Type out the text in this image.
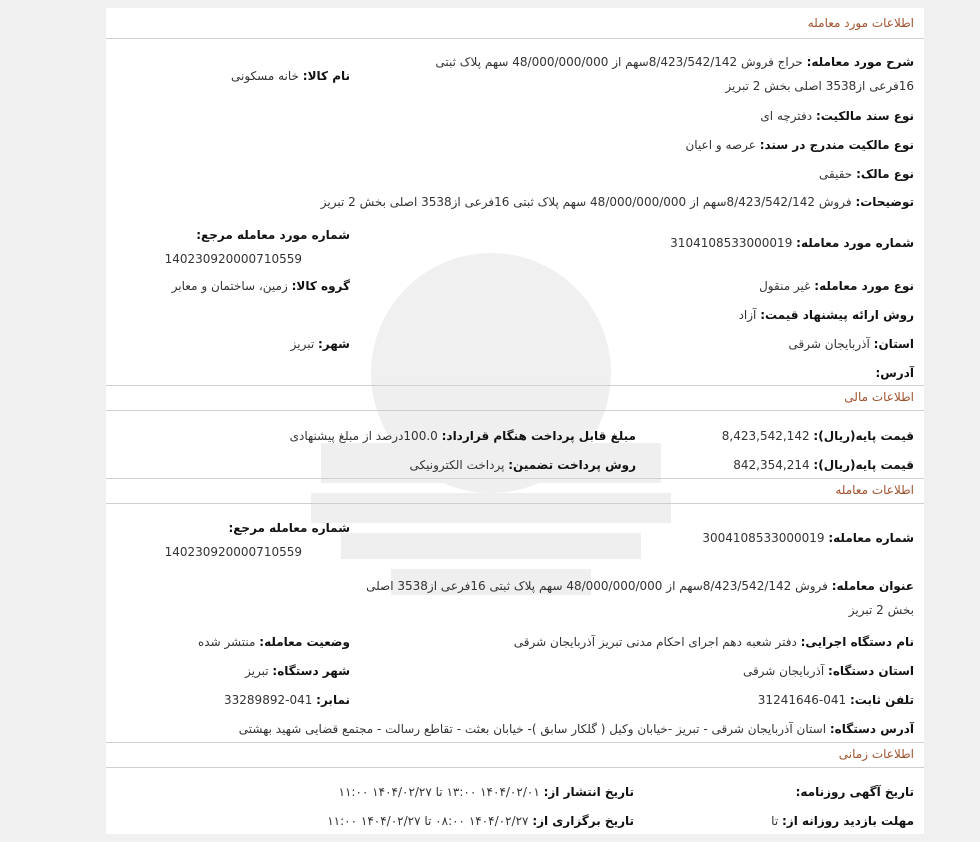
اطلاعات مورد معامله
شرح مورد معامله: حراج فروش 8/423/542/142سهم از 48/000/000/000 سهم پلاک ثبتی 16فرعی از3538 اصلی بخش 2 تبریز
نام کالا: خانه مسکونی
نوع سند مالکیت: دفترچه ای
نوع مالکیت مندرج در سند: عرصه و اعیان
نوع مالک: حقیقی
توضیحات: فروش 8/423/542/142سهم از 48/000/000/000 سهم پلاک ثبتی 16فرعی از3538 اصلی بخش 2 تبریز
شماره مورد معامله مرجع:
140230920000710559
شماره مورد معامله: 3104108533000019
نوع مورد معامله: غیر منقول
گروه کالا: زمین، ساختمان و معابر
روش ارائه پیشنهاد قیمت: آزاد
استان: آذربایجان شرقی
شهر: تبریز
آدرس:
اطلاعات مالی
قیمت پایه(ریال): 8,423,542,142
مبلغ قابل پرداخت هنگام قرارداد: 100.0درصد از مبلغ پیشنهادی
قیمت پایه(ریال): 842,354,214
روش پرداخت تضمین: پرداخت الکترونیکی
اطلاعات معامله
شماره معامله مرجع:
140230920000710559
شماره معامله: 3004108533000019
عنوان معامله: فروش 8/423/542/142سهم از 48/000/000/000 سهم پلاک ثبتی 16فرعی از3538 اصلی بخش 2 تبریز
نام دستگاه اجرایی: دفتر شعبه دهم اجرای احکام مدنی تبریز آذربایجان شرقی
وضعیت معامله: منتشر شده
استان دستگاه: آذربایجان شرقی
شهر دستگاه: تبریز
تلفن ثابت: 041-31241646
نمابر: 041-33289892
آدرس دستگاه: استان آذربایجان شرقی - تبریز -خیابان وکیل ( گلکار سابق )- خیابان بعثت - تقاطع رسالت - مجتمع قضایی شهید بهشتی
اطلاعات زمانی
تاریخ آگهی روزنامه:
تاریخ انتشار از: ۱۴۰۴/۰۲/۰۱ ۱۳:۰۰ تا ۱۴۰۴/۰۲/۲۷ ۱۱:۰۰
مهلت بازدید روزانه از: تا
تاریخ برگزاری از: ۱۴۰۴/۰۲/۲۷ ۰۸:۰۰ تا ۱۴۰۴/۰۲/۲۷ ۱۱:۰۰
